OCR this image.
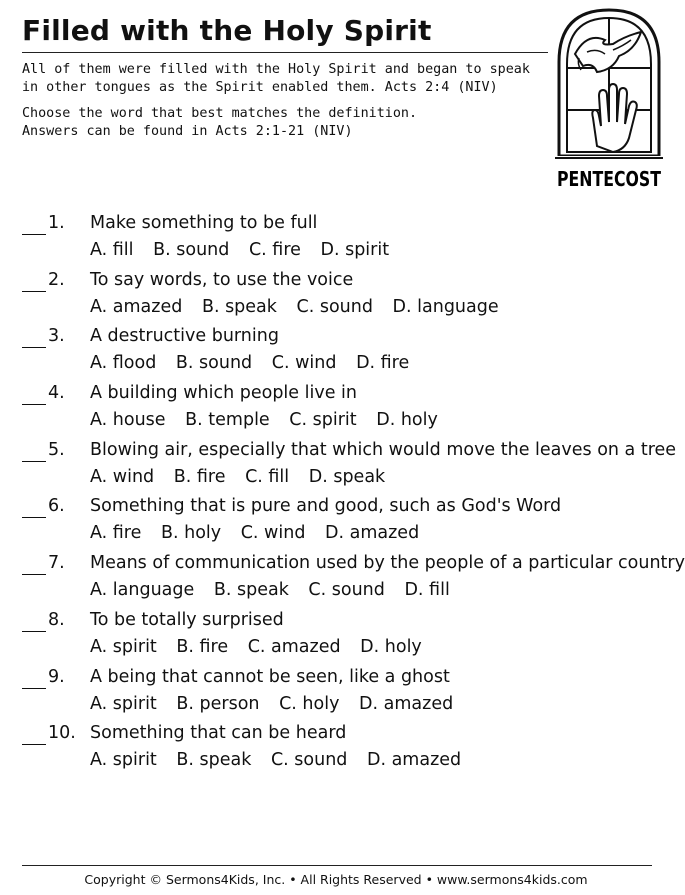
Filled with the Holy Spirit
All of them were filled with the Holy Spirit and began to speak
in other tongues as the Spirit enabled them. Acts 2:4 (NIV)
Choose the word that best matches the definition.
Answers can be found in Acts 2:1-21 (NIV)
PENTECOST
1. Make something to be full
A. fill B. sound C. fire D. spirit
2. To say words, to use the voice
A. amazed B. speak C. sound D. language
3. A destructive burning
A. flood B. sound C. wind D. fire
4. A building which people live in
A. house B. temple C. spirit D. holy
5. Blowing air, especially that which would move the leaves on a tree
A. wind B. fire C. fill D. speak
6. Something that is pure and good, such as God's Word
A. fire B. holy C. wind D. amazed
7. Means of communication used by the people of a particular country
A. language B. speak C. sound D. fill
8. To be totally surprised
A. spirit B. fire C. amazed D. holy
9. A being that cannot be seen, like a ghost
A. spirit B. person C. holy D. amazed
10. Something that can be heard
A. spirit B. speak C. sound D. amazed

Copyright © Sermons4Kids, Inc. • All Rights Reserved • www.sermons4kids.com
